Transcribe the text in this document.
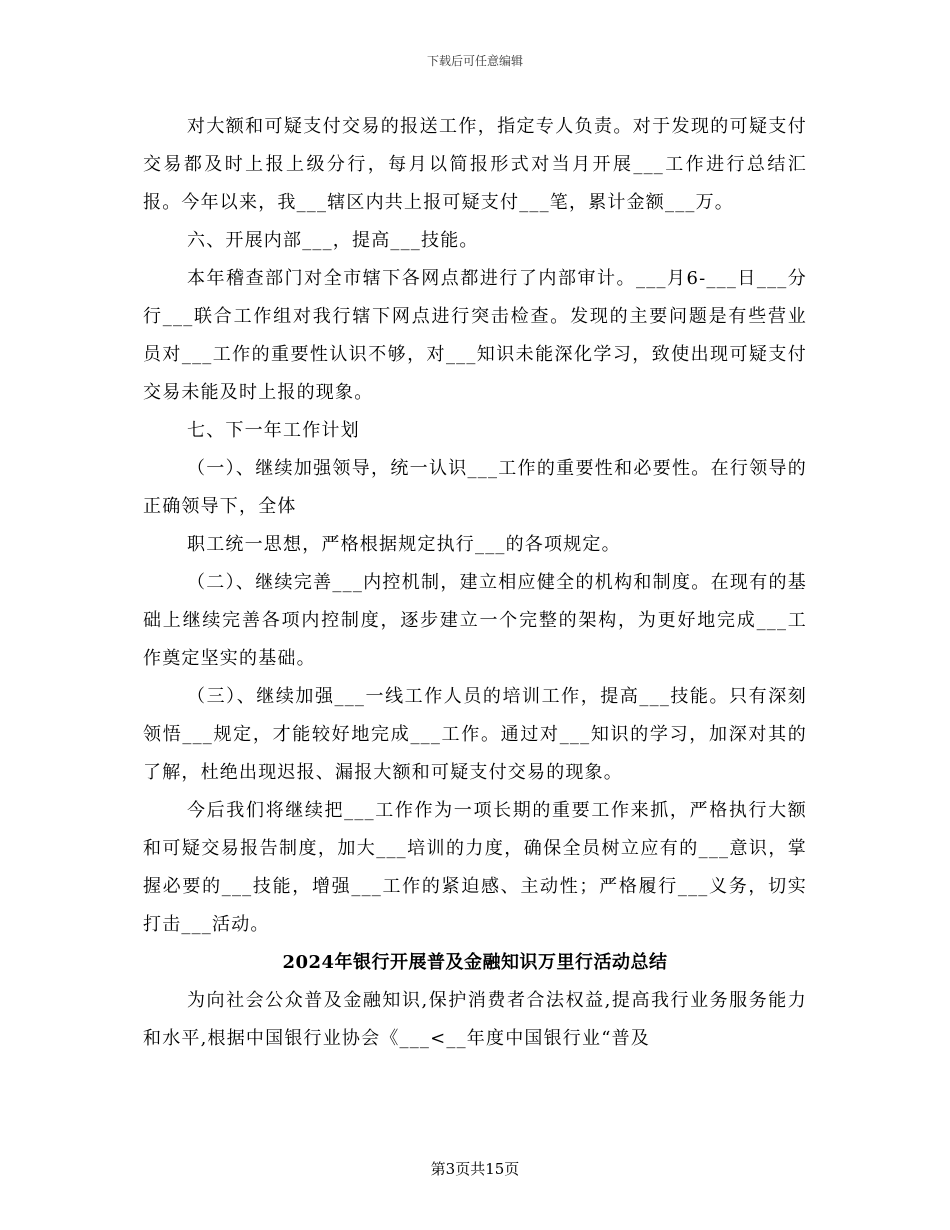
下载后可任意编辑

对大额和可疑支付交易的报送工作，指定专人负责。对于发现的可疑支付交易都及时上报上级分行，每月以简报形式对当月开展___工作进行总结汇报。今年以来，我___辖区内共上报可疑支付___笔，累计金额___万。

六、开展内部___，提高___技能。

本年稽查部门对全市辖下各网点都进行了内部审计。___月6-___日___分行___联合工作组对我行辖下网点进行突击检查。发现的主要问题是有些营业员对___工作的重要性认识不够，对___知识未能深化学习，致使出现可疑支付交易未能及时上报的现象。

七、下一年工作计划

（一）、继续加强领导，统一认识___工作的重要性和必要性。在行领导的正确领导下，全体

职工统一思想，严格根据规定执行___的各项规定。

（二）、继续完善___内控机制，建立相应健全的机构和制度。在现有的基础上继续完善各项内控制度，逐步建立一个完整的架构，为更好地完成___工作奠定坚实的基础。

（三）、继续加强___一线工作人员的培训工作，提高___技能。只有深刻领悟___规定，才能较好地完成___工作。通过对___知识的学习，加深对其的了解，杜绝出现迟报、漏报大额和可疑支付交易的现象。

今后我们将继续把___工作作为一项长期的重要工作来抓，严格执行大额和可疑交易报告制度，加大___培训的力度，确保全员树立应有的___意识，掌握必要的___技能，增强___工作的紧迫感、主动性；严格履行___义务，切实打击___活动。

2024年银行开展普及金融知识万里行活动总结

为向社会公众普及金融知识,保护消费者合法权益,提高我行业务服务能力和水平,根据中国银行业协会《___<__年度中国银行业“普及

第3页共15页
